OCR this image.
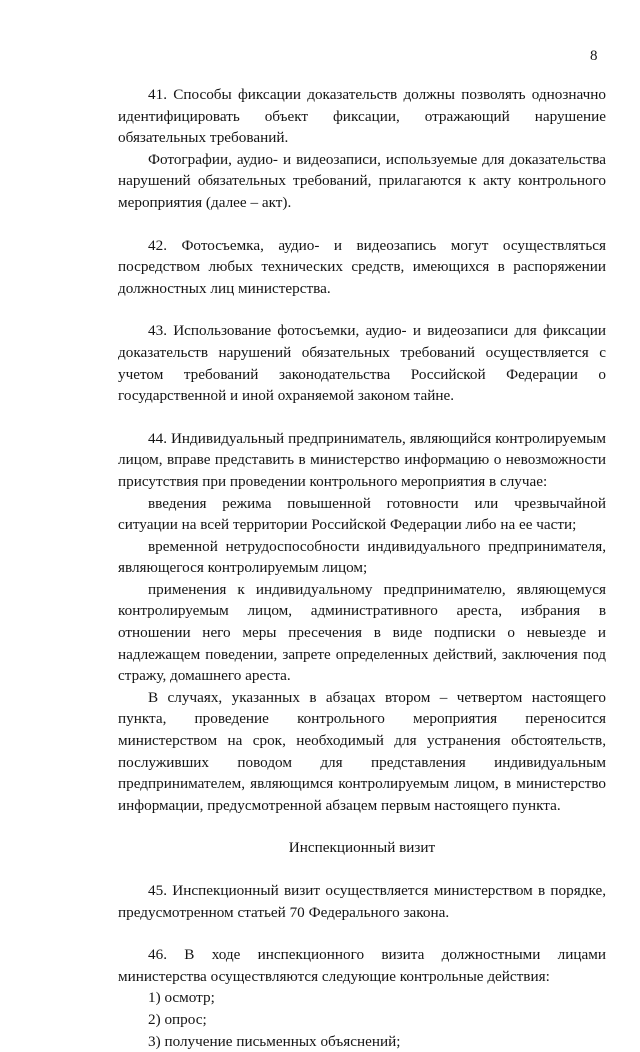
8

41. Способы фиксации доказательств должны позволять однозначно идентифицировать объект фиксации, отражающий нарушение обязательных требований.

Фотографии, аудио- и видеозаписи, используемые для доказательства нарушений обязательных требований, прилагаются к акту контрольного мероприятия (далее – акт).

42. Фотосъемка, аудио- и видеозапись могут осуществляться посредством любых технических средств, имеющихся в распоряжении должностных лиц министерства.

43. Использование фотосъемки, аудио- и видеозаписи для фиксации доказательств нарушений обязательных требований осуществляется с учетом требований законодательства Российской Федерации о государственной и иной охраняемой законом тайне.

44. Индивидуальный предприниматель, являющийся контролируемым лицом, вправе представить в министерство информацию о невозможности присутствия при проведении контрольного мероприятия в случае:

введения режима повышенной готовности или чрезвычайной ситуации на всей территории Российской Федерации либо на ее части;

временной нетрудоспособности индивидуального предпринимателя, являющегося контролируемым лицом;

применения к индивидуальному предпринимателю, являющемуся контролируемым лицом, административного ареста, избрания в отношении него меры пресечения в виде подписки о невыезде и надлежащем поведении, запрете определенных действий, заключения под стражу, домашнего ареста.

В случаях, указанных в абзацах втором – четвертом настоящего пункта, проведение контрольного мероприятия переносится министерством на срок, необходимый для устранения обстоятельств, послуживших поводом для представления индивидуальным предпринимателем, являющимся контролируемым лицом, в министерство информации, предусмотренной абзацем первым настоящего пункта.

Инспекционный визит

45. Инспекционный визит осуществляется министерством в порядке, предусмотренном статьей 70 Федерального закона.

46. В ходе инспекционного визита должностными лицами министерства осуществляются следующие контрольные действия:

1) осмотр;

2) опрос;

3) получение письменных объяснений;
